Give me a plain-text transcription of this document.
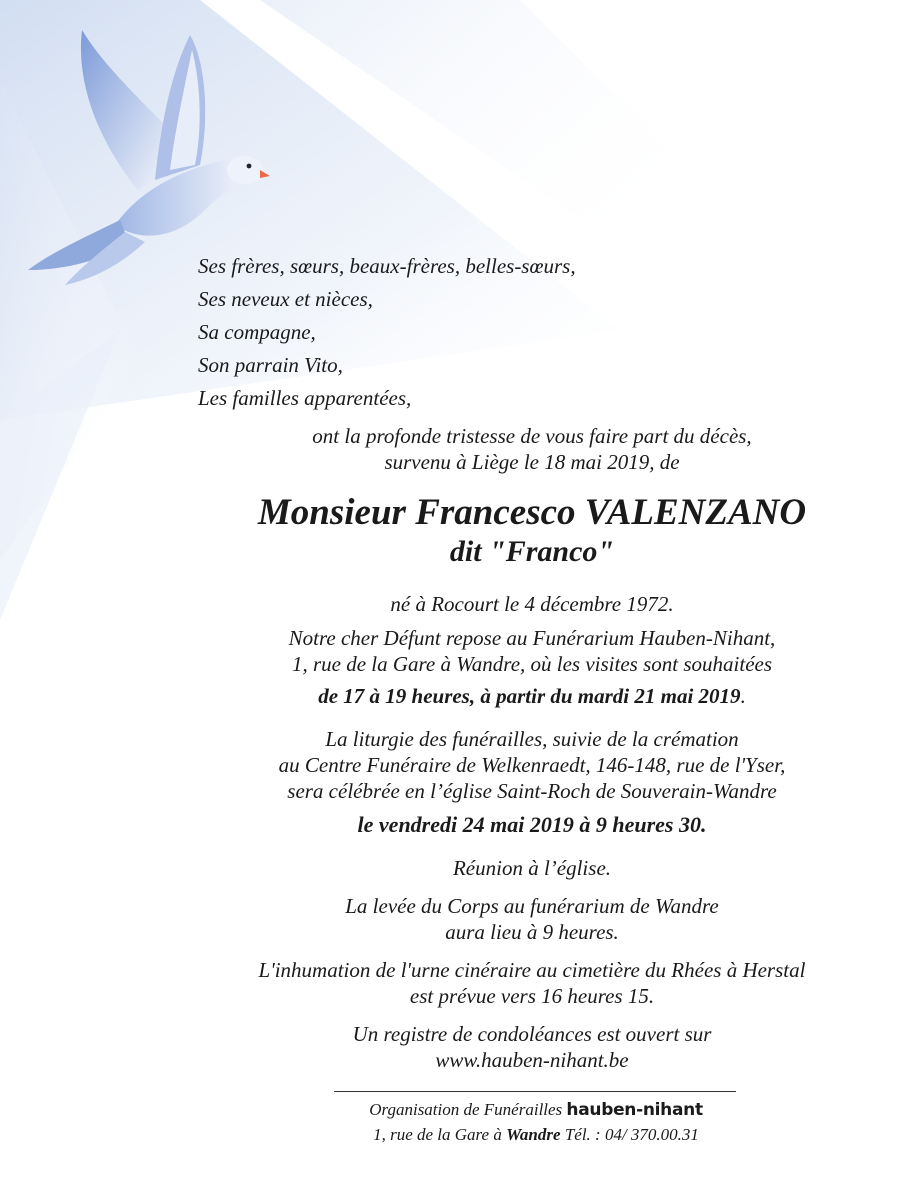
Ses frères, sœurs, beaux-frères, belles-sœurs,
Ses neveux et nièces,
Sa compagne,
Son parrain Vito,
Les familles apparentées,

ont la profonde tristesse de vous faire part du décès,

survenu à Liège le 18 mai 2019, de

Monsieur Francesco VALENZANO

dit "Franco"

né à Rocourt le 4 décembre 1972.

Notre cher Défunt repose au Funérarium Hauben-Nihant,

1, rue de la Gare à Wandre, où les visites sont souhaitées

de 17 à 19 heures, à partir du mardi 21 mai 2019.

La liturgie des funérailles, suivie de la crémation

au Centre Funéraire de Welkenraedt, 146-148, rue de l'Yser,

sera célébrée en l’église Saint-Roch de Souverain-Wandre

le vendredi 24 mai 2019 à 9 heures 30.

Réunion à l’église.

La levée du Corps au funérarium de Wandre

aura lieu à 9 heures.

L'inhumation de l'urne cinéraire au cimetière du Rhées à Herstal

est prévue vers 16 heures 15.

Un registre de condoléances est ouvert sur

www.hauben-nihant.be

Organisation de Funérailles hauben-nihant
1, rue de la Gare à Wandre Tél. : 04/ 370.00.31
